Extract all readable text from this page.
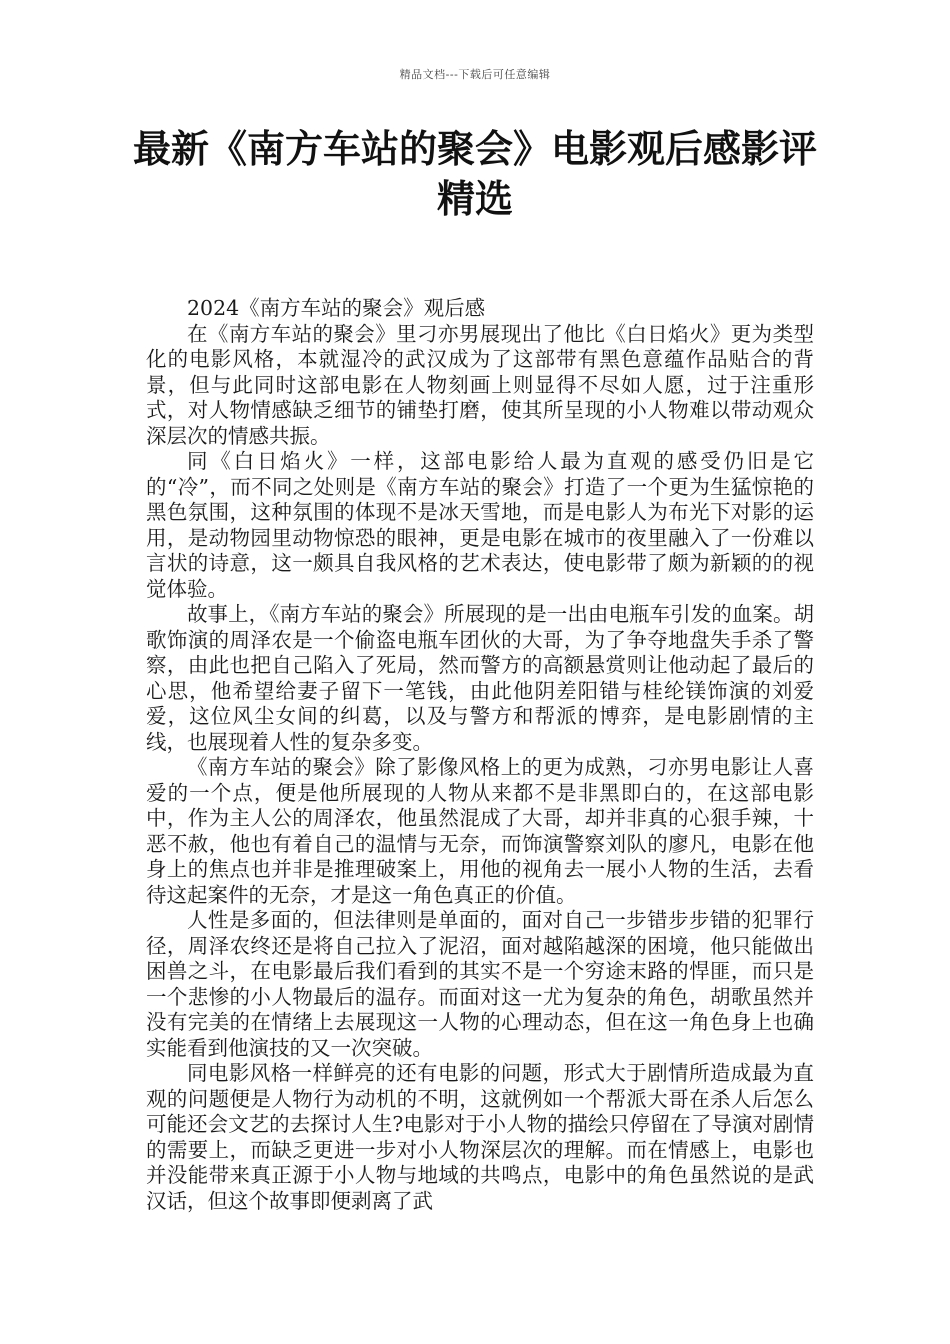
精品文档---下载后可任意编辑
最新《南方车站的聚会》电影观后感影评精选

2024《南方车站的聚会》观后感

在《南方车站的聚会》里刁亦男展现出了他比《白日焰火》更为类型化的电影风格，本就湿冷的武汉成为了这部带有黑色意蕴作品贴合的背景，但与此同时这部电影在人物刻画上则显得不尽如人愿，过于注重形式，对人物情感缺乏细节的铺垫打磨，使其所呈现的小人物难以带动观众深层次的情感共振。

同《白日焰火》一样，这部电影给人最为直观的感受仍旧是它的“冷”，而不同之处则是《南方车站的聚会》打造了一个更为生猛惊艳的黑色氛围，这种氛围的体现不是冰天雪地，而是电影人为布光下对影的运用，是动物园里动物惊恐的眼神，更是电影在城市的夜里融入了一份难以言状的诗意，这一颇具自我风格的艺术表达，使电影带了颇为新颖的的视觉体验。

故事上，《南方车站的聚会》所展现的是一出由电瓶车引发的血案。胡歌饰演的周泽农是一个偷盗电瓶车团伙的大哥，为了争夺地盘失手杀了警察，由此也把自己陷入了死局，然而警方的高额悬赏则让他动起了最后的心思，他希望给妻子留下一笔钱，由此他阴差阳错与桂纶镁饰演的刘爱爱，这位风尘女间的纠葛，以及与警方和帮派的博弈，是电影剧情的主线，也展现着人性的复杂多变。

《南方车站的聚会》除了影像风格上的更为成熟，刁亦男电影让人喜爱的一个点，便是他所展现的人物从来都不是非黑即白的，在这部电影中，作为主人公的周泽农，他虽然混成了大哥，却并非真的心狠手辣，十恶不赦，他也有着自己的温情与无奈，而饰演警察刘队的廖凡，电影在他身上的焦点也并非是推理破案上，用他的视角去一展小人物的生活，去看待这起案件的无奈，才是这一角色真正的价值。

人性是多面的，但法律则是单面的，面对自己一步错步步错的犯罪行径，周泽农终还是将自己拉入了泥沼，面对越陷越深的困境，他只能做出困兽之斗，在电影最后我们看到的其实不是一个穷途末路的悍匪，而只是一个悲惨的小人物最后的温存。而面对这一尤为复杂的角色，胡歌虽然并没有完美的在情绪上去展现这一人物的心理动态，但在这一角色身上也确实能看到他演技的又一次突破。

同电影风格一样鲜亮的还有电影的问题，形式大于剧情所造成最为直观的问题便是人物行为动机的不明，这就例如一个帮派大哥在杀人后怎么可能还会文艺的去探讨人生?电影对于小人物的描绘只停留在了导演对剧情的需要上，而缺乏更进一步对小人物深层次的理解。而在情感上，电影也并没能带来真正源于小人物与地域的共鸣点，电影中的角色虽然说的是武汉话，但这个故事即便剥离了武
